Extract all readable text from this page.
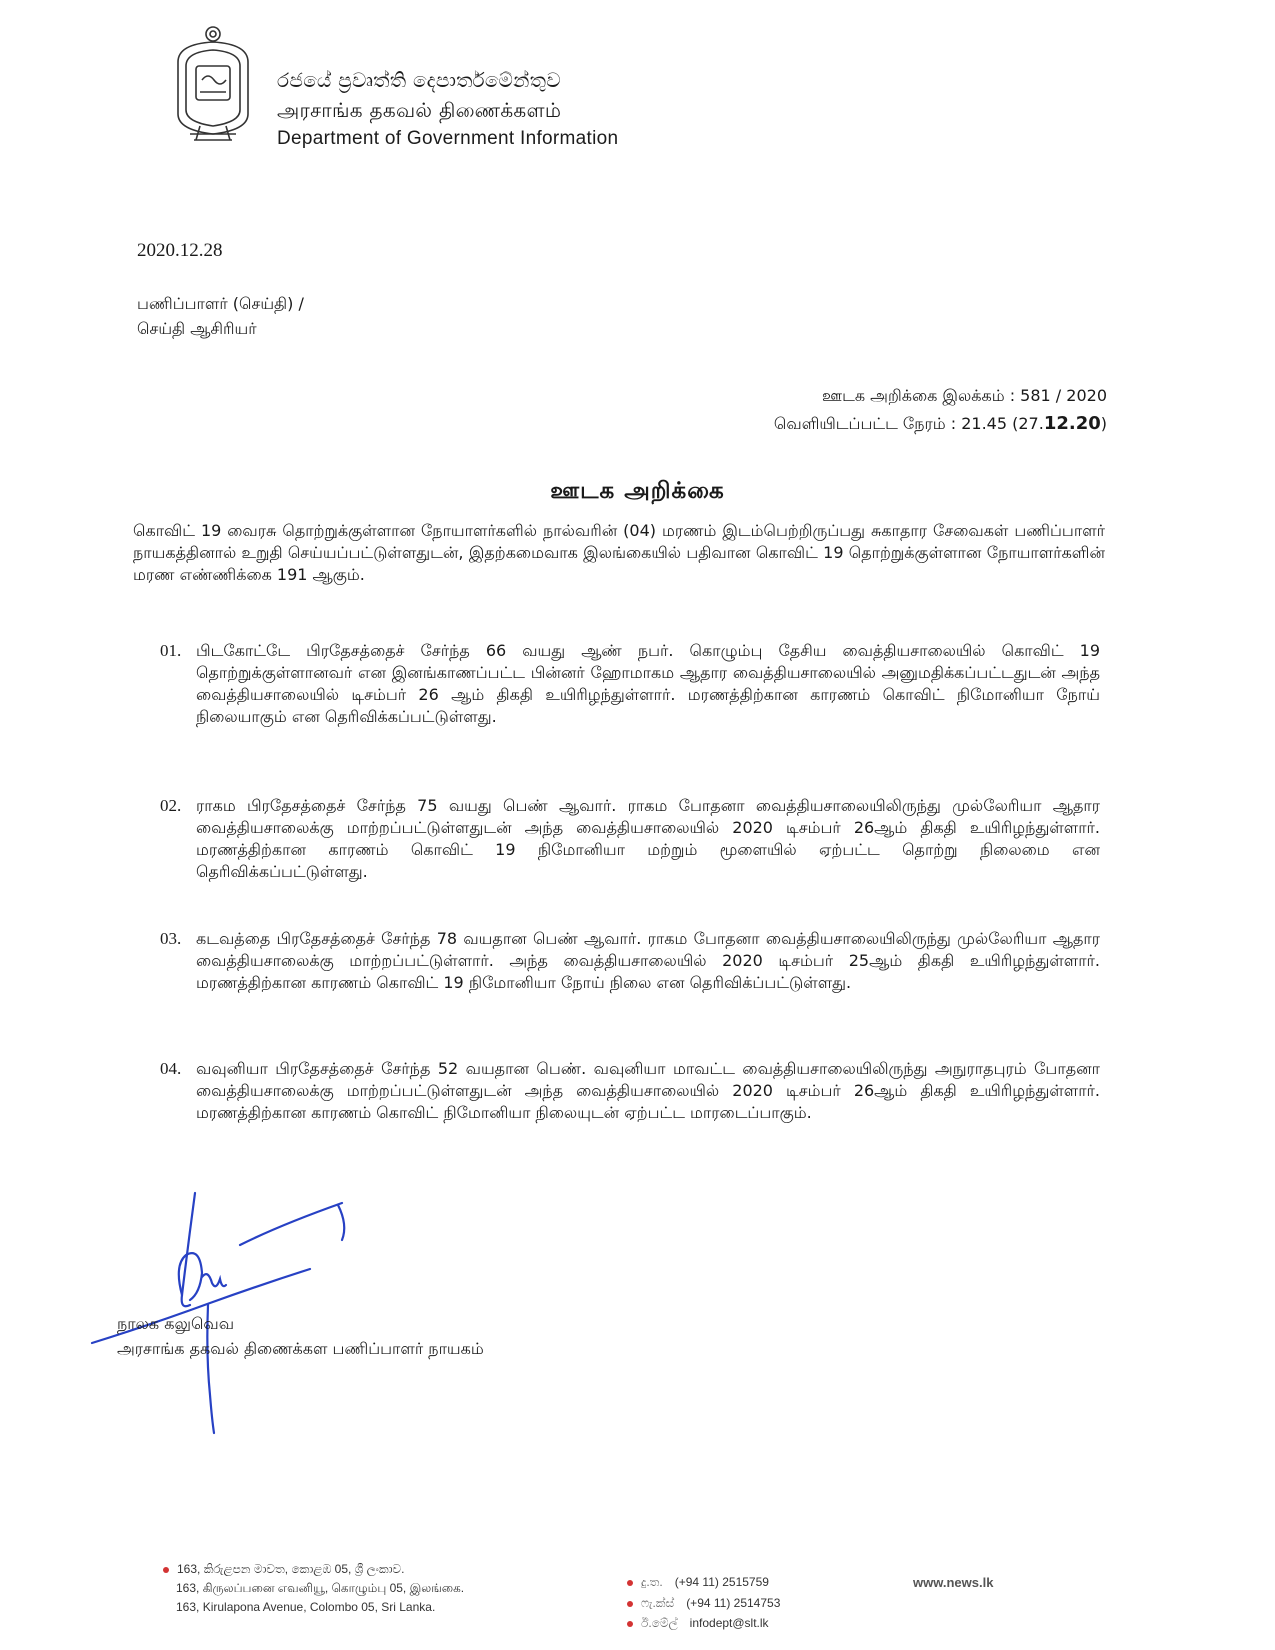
රජයේ ප්‍රවෘත්ති දෙපාර්තමේන්තුව
அரசாங்க தகவல் திணைக்களம்
Department of Government Information
2020.12.28
பணிப்பாளர் (செய்தி) /
செய்தி ஆசிரியர்
ஊடக அறிக்கை இலக்கம் : 581 / 2020
வெளியிடப்பட்ட நேரம் : 21.45 (27.12.20)
ஊடக அறிக்கை
கொவிட் 19 வைரசு தொற்றுக்குள்ளான நோயாளர்களில் நால்வரின் (04) மரணம் இடம்பெற்றிருப்பது சுகாதார சேவைகள் பணிப்பாளர் நாயகத்தினால் உறுதி செய்யப்பட்டுள்ளதுடன், இதற்கமைவாக இலங்கையில் பதிவான கொவிட் 19 தொற்றுக்குள்ளான நோயாளர்களின் மரண எண்ணிக்கை 191 ஆகும்.
01. பிடகோட்டே பிரதேசத்தைச் சேர்ந்த 66 வயது ஆண் நபர். கொழும்பு தேசிய வைத்தியசாலையில் கொவிட் 19 தொற்றுக்குள்ளானவர் என இனங்காணப்பட்ட பின்னர் ஹோமாகம ஆதார வைத்தியசாலையில் அனுமதிக்கப்பட்டதுடன் அந்த வைத்தியசாலையில் டிசம்பர் 26 ஆம் திகதி உயிரிழந்துள்ளார். மரணத்திற்கான காரணம் கொவிட் நிமோனியா நோய் நிலையாகும் என தெரிவிக்கப்பட்டுள்ளது.
02. ராகம பிரதேசத்தைச் சேர்ந்த 75 வயது பெண் ஆவார். ராகம போதனா வைத்தியசாலையிலிருந்து முல்லேரியா ஆதார வைத்தியசாலைக்கு மாற்றப்பட்டுள்ளதுடன் அந்த வைத்தியசாலையில் 2020 டிசம்பர் 26ஆம் திகதி உயிரிழந்துள்ளார். மரணத்திற்கான காரணம் கொவிட் 19 நிமோனியா மற்றும் மூளையில் ஏற்பட்ட தொற்று நிலைமை என தெரிவிக்கப்பட்டுள்ளது.
03. கடவத்தை பிரதேசத்தைச் சேர்ந்த 78 வயதான பெண் ஆவார். ராகம போதனா வைத்தியசாலையிலிருந்து முல்லேரியா ஆதார வைத்தியசாலைக்கு மாற்றப்பட்டுள்ளார். அந்த வைத்தியசாலையில் 2020 டிசம்பர் 25ஆம் திகதி உயிரிழந்துள்ளார். மரணத்திற்கான காரணம் கொவிட் 19 நிமோனியா நோய் நிலை என தெரிவிக்ப்பட்டுள்ளது.
04. வவுனியா பிரதேசத்தைச் சேர்ந்த 52 வயதான பெண். வவுனியா மாவட்ட வைத்தியசாலையிலிருந்து அநுராதபுரம் போதனா வைத்தியசாலைக்கு மாற்றப்பட்டுள்ளதுடன் அந்த வைத்தியசாலையில் 2020 டிசம்பர் 26ஆம் திகதி உயிரிழந்துள்ளார். மரணத்திற்கான காரணம் கொவிட் நிமோனியா நிலையுடன் ஏற்பட்ட மாரடைப்பாகும்.
நாலக கலுவெவ
அரசாங்க தகவல் திணைக்கள பணிப்பாளர் நாயகம்
163, කිරුළපන මාවත, කොළඹ 05, ශ්‍රී ලංකාව.
163, கிருலப்பனை எவனியூ, கொழும்பு 05, இலங்கை.
163, Kirulapona Avenue, Colombo 05, Sri Lanka.
දු.ත. (+94 11) 2515759
ෆැ.ක්ස් (+94 11) 2514753
ඊ.මේල් infodept@slt.lk
www.news.lk
